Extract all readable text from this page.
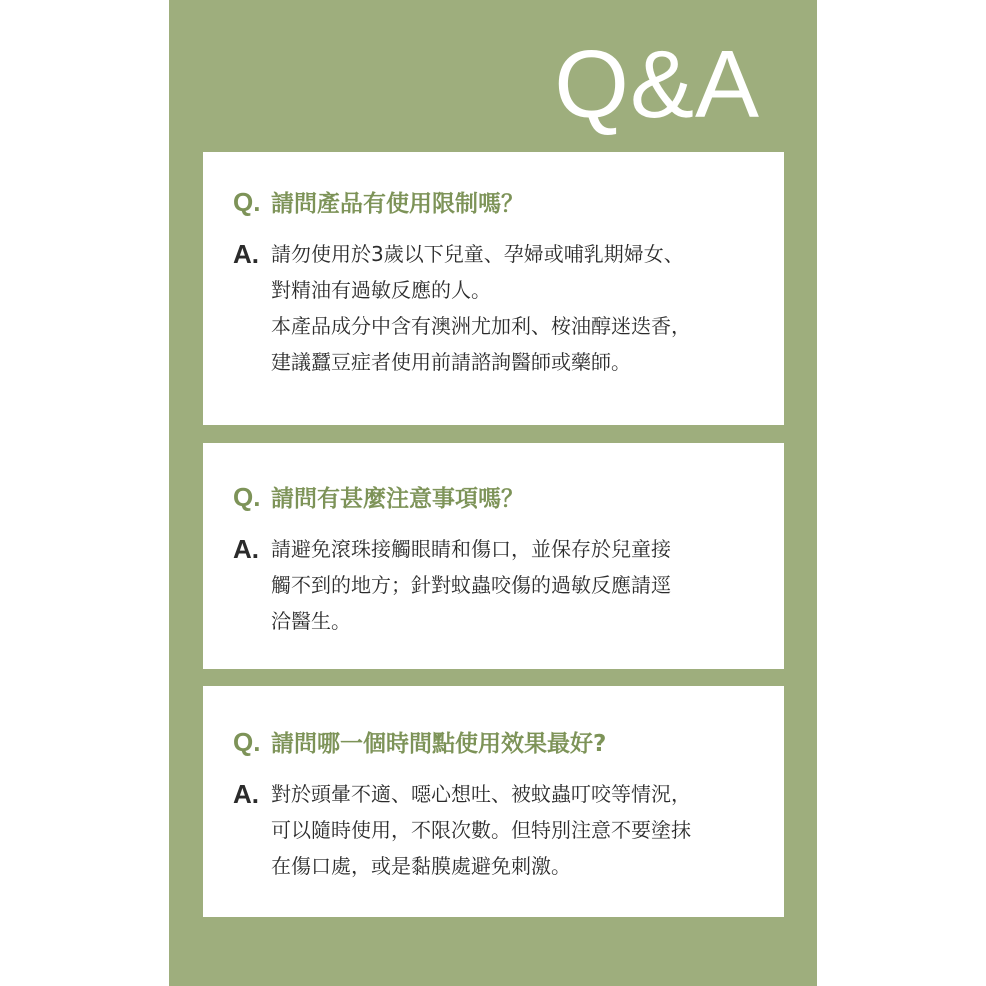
Q&A
Q. 請問產品有使用限制嗎？
A. 請勿使用於3歲以下兒童、孕婦或哺乳期婦女、
對精油有過敏反應的人。
本產品成分中含有澳洲尤加利、桉油醇迷迭香，
建議蠶豆症者使用前請諮詢醫師或藥師。
Q. 請問有甚麼注意事項嗎？
A. 請避免滾珠接觸眼睛和傷口，並保存於兒童接
觸不到的地方；針對蚊蟲咬傷的過敏反應請逕
洽醫生。
Q. 請問哪一個時間點使用效果最好?
A. 對於頭暈不適、噁心想吐、被蚊蟲叮咬等情況，
可以隨時使用，不限次數。但特別注意不要塗抹
在傷口處，或是黏膜處避免刺激。
